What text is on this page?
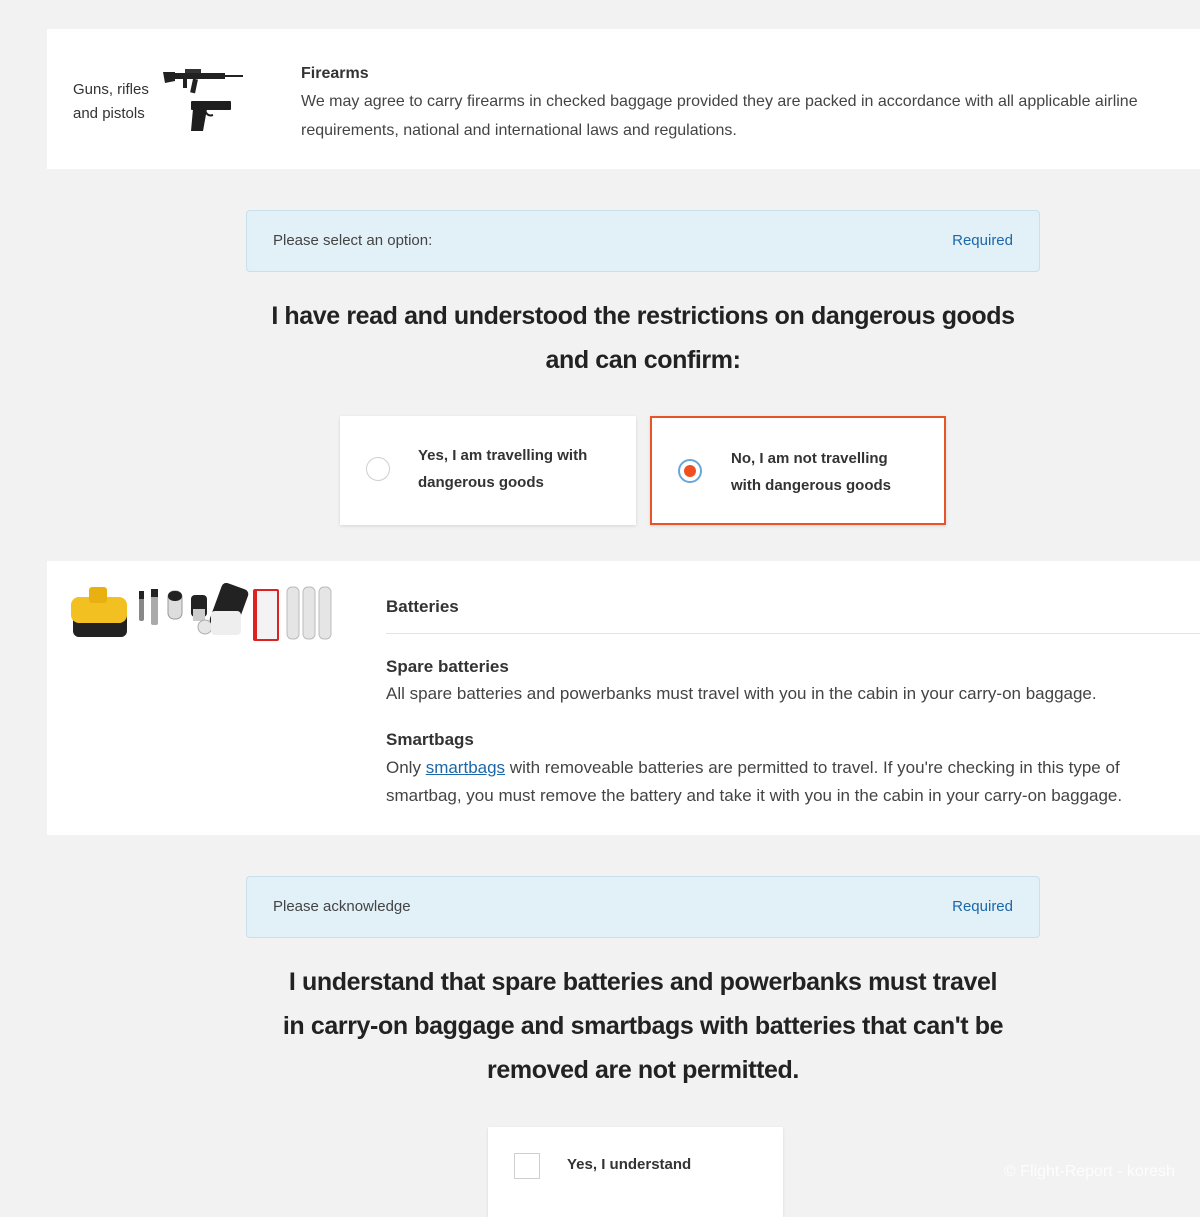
Guns, rifles and pistols
Firearms
We may agree to carry firearms in checked baggage provided they are packed in accordance with all applicable airline requirements, national and international laws and regulations.
Please select an option:	Required
I have read and understood the restrictions on dangerous goods
and can confirm:
Yes, I am travelling with
dangerous goods
No, I am not travelling
with dangerous goods
Batteries
Spare batteries
All spare batteries and powerbanks must travel with you in the cabin in your carry-on baggage.
Smartbags
Only smartbags with removeable batteries are permitted to travel. If you're checking in this type of
smartbag, you must remove the battery and take it with you in the cabin in your carry-on baggage.
Please acknowledge	Required
I understand that spare batteries and powerbanks must travel
in carry-on baggage and smartbags with batteries that can't be
removed are not permitted.
Yes, I understand	© Flight-Report - koresh
